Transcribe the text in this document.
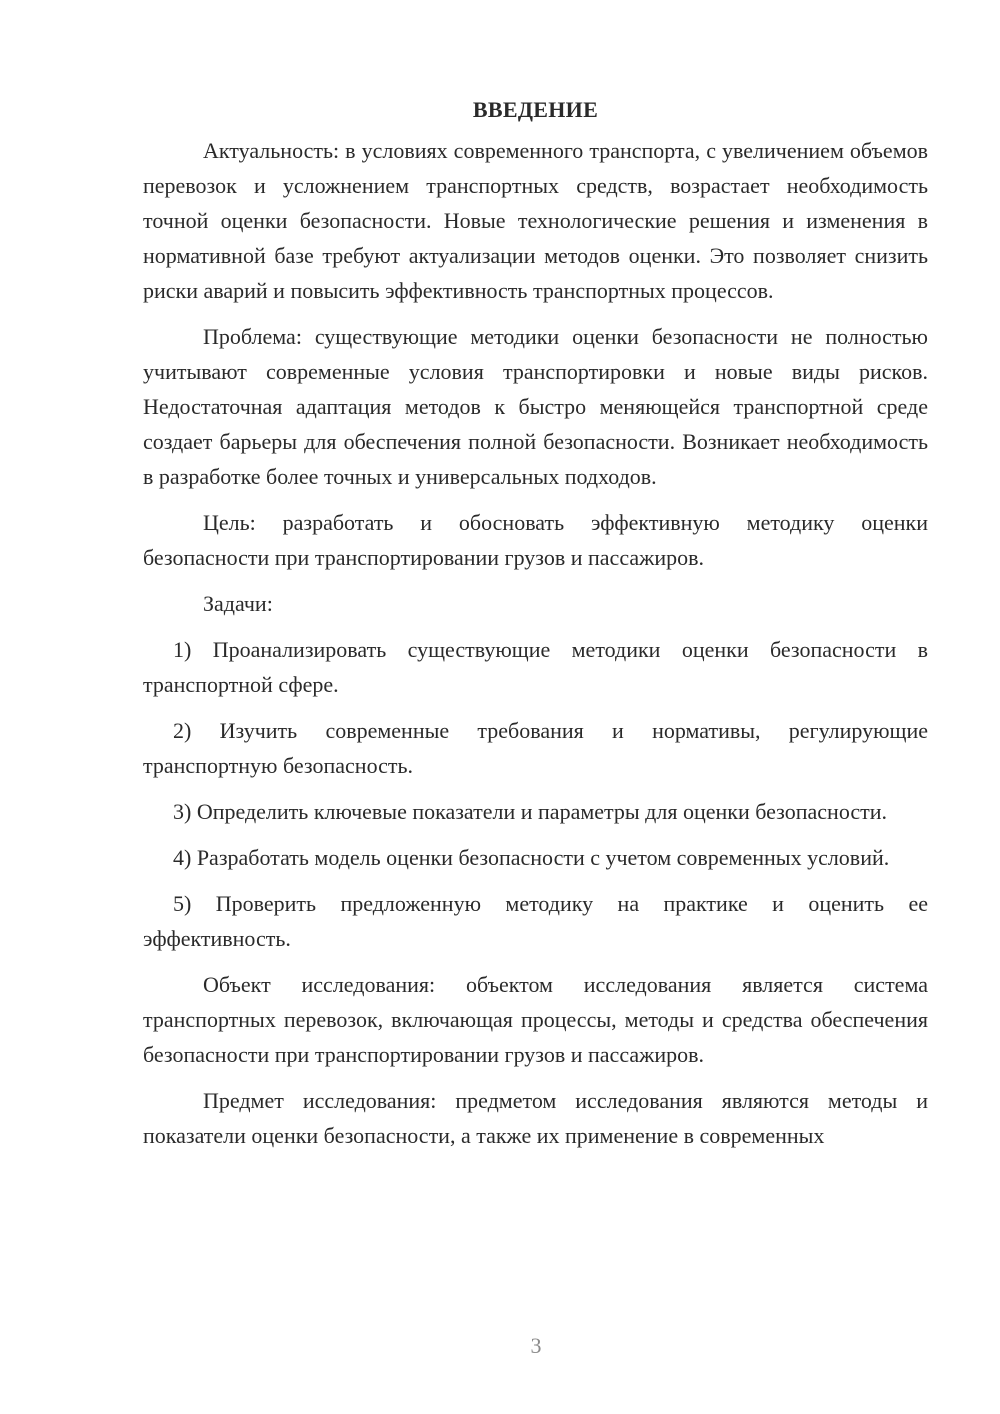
ВВЕДЕНИЕ

Актуальность: в условиях современного транспорта, с увеличением объемов перевозок и усложнением транспортных средств, возрастает необходимость точной оценки безопасности. Новые технологические решения и изменения в нормативной базе требуют актуализации методов оценки. Это позволяет снизить риски аварий и повысить эффективность транспортных процессов.

Проблема: существующие методики оценки безопасности не полностью учитывают современные условия транспортировки и новые виды рисков. Недостаточная адаптация методов к быстро меняющейся транспортной среде создает барьеры для обеспечения полной безопасности. Возникает необходимость в разработке более точных и универсальных подходов.

Цель: разработать и обосновать эффективную методику оценки безопасности при транспортировании грузов и пассажиров.

Задачи:

1) Проанализировать существующие методики оценки безопасности в транспортной сфере.

2) Изучить современные требования и нормативы, регулирующие транспортную безопасность.

3) Определить ключевые показатели и параметры для оценки безопасности.

4) Разработать модель оценки безопасности с учетом современных условий.

5) Проверить предложенную методику на практике и оценить ее эффективность.

Объект исследования: объектом исследования является система транспортных перевозок, включающая процессы, методы и средства обеспечения безопасности при транспортировании грузов и пассажиров.

Предмет исследования: предметом исследования являются методы и показатели оценки безопасности, а также их применение в современных

3
